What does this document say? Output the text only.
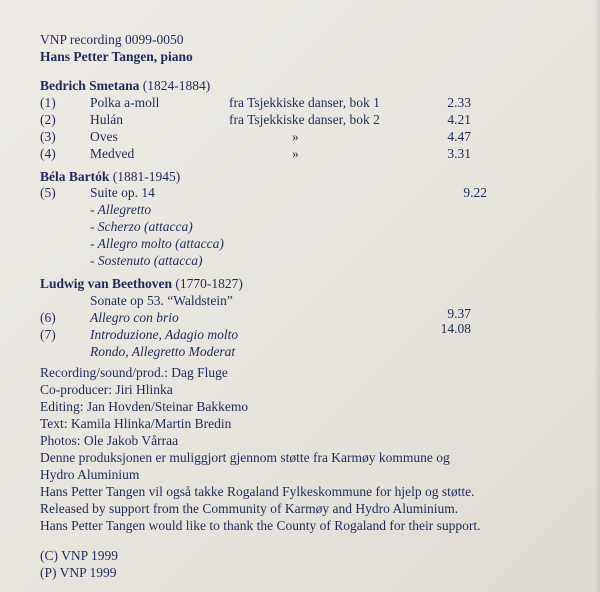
VNP recording 0099-0050
Hans Petter Tangen, piano
Bedrich Smetana (1824-1884)
(1)	Polka a-moll	fra Tsjekkiske danser, bok 1	2.33
(2)	Hulán	fra Tsjekkiske danser, bok 2	4.21
(3)	Oves	»	4.47
(4)	Medved	»	3.31
Béla Bartók (1881-1945)
(5)	Suite op. 14	9.22
- Allegretto
- Scherzo (attacca)
- Allegro molto (attacca)
- Sostenuto (attacca)
Ludwig van Beethoven (1770-1827)
Sonate op 53. “Waldstein”
(6)	Allegro con brio	9.37
(7)	Introduzione, Adagio molto	14.08
Rondo, Allegretto Moderat
Recording/sound/prod.: Dag Fluge
Co-producer: Jiri Hlinka
Editing: Jan Hovden/Steinar Bakkemo
Text: Kamila Hlinka/Martin Bredin
Photos: Ole Jakob Vårraa
Denne produksjonen er muliggjort gjennom støtte fra Karmøy kommune og
Hydro Aluminium
Hans Petter Tangen vil også takke Rogaland Fylkeskommune for hjelp og støtte.
Released by support from the Community of Karmøy and Hydro Aluminium.
Hans Petter Tangen would like to thank the County of Rogaland for their support.
(C) VNP 1999
(P) VNP 1999
